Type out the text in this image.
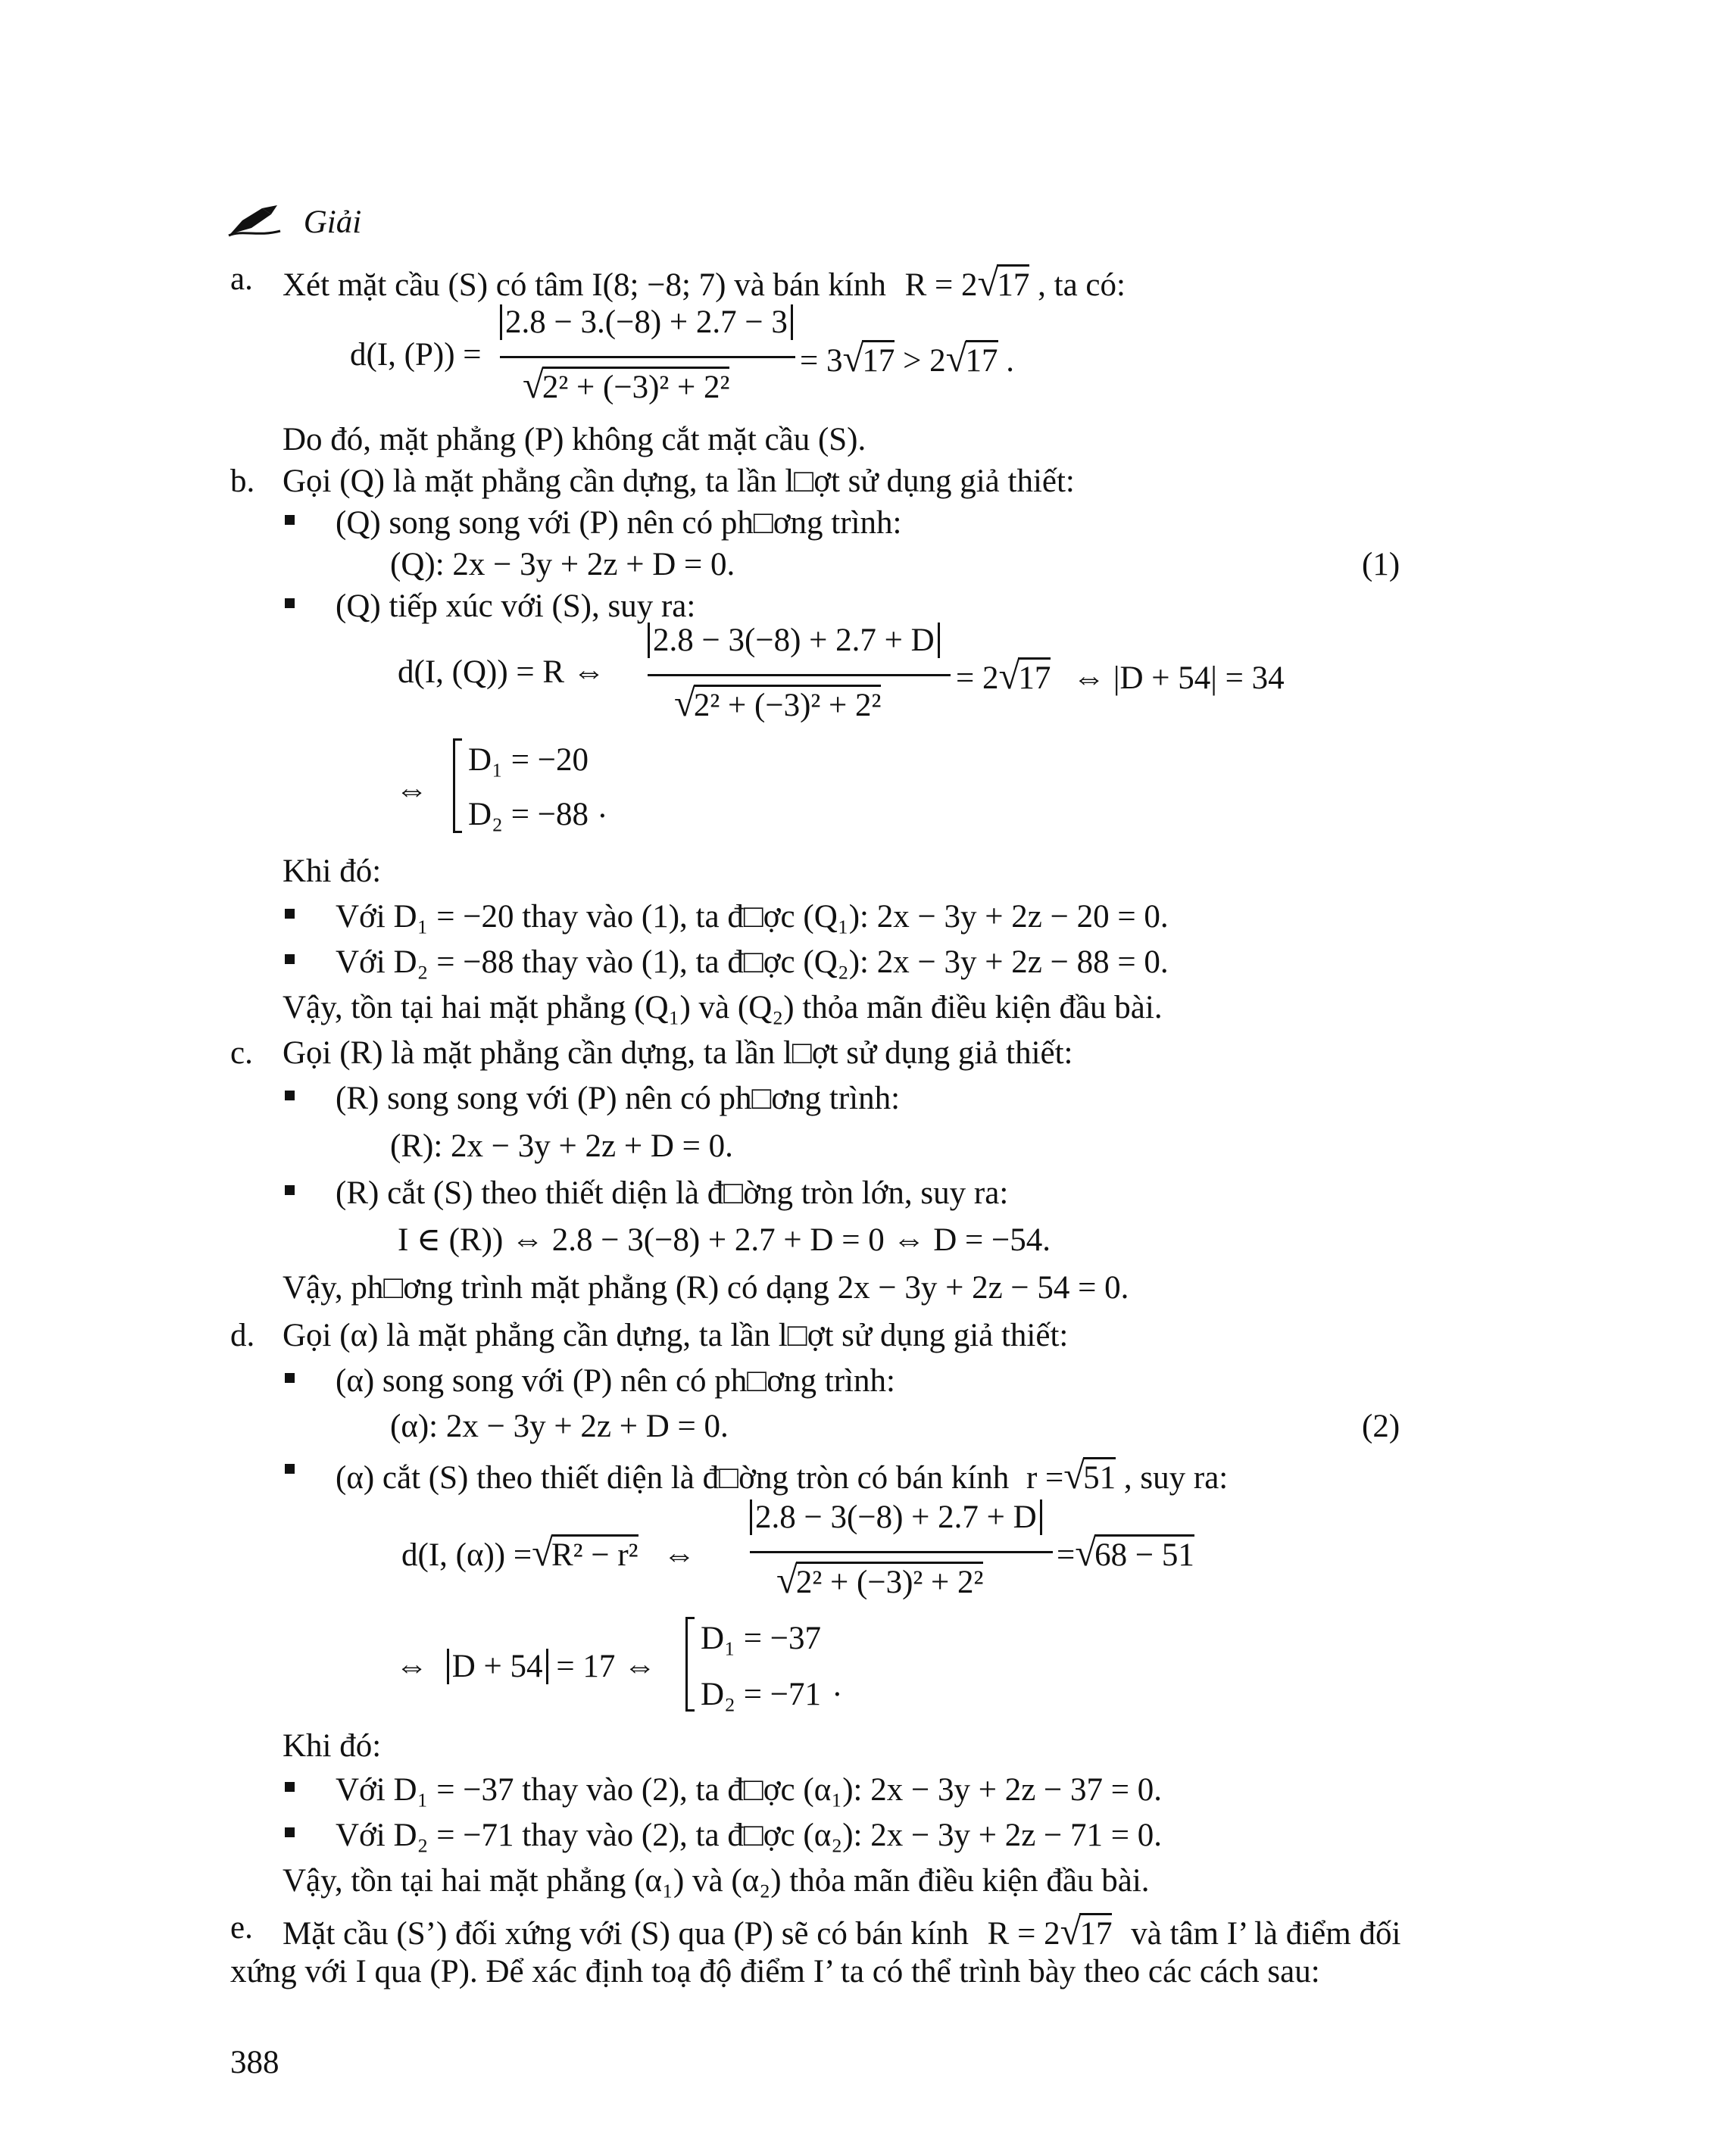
Giải
a. Xét mặt cầu (S) có tâm I(8; −8; 7) và bán kính R = 2√17 , ta có:
d(I, (P)) =
2.8 − 3.(−8) + 2.7 − 3
√2² + (−3)² + 2²
= 3√17 > 2√17 .
Do đó, mặt phẳng (P) không cắt mặt cầu (S).
b. Gọi (Q) là mặt phẳng cần dựng, ta lần l□ợt sử dụng giả thiết:
(Q) song song với (P) nên có ph□ơng trình:
(Q): 2x − 3y + 2z + D = 0.	(1)
(Q) tiếp xúc với (S), suy ra:
d(I, (Q)) = R ⇔
2.8 − 3(−8) + 2.7 + D
√2² + (−3)² + 2²
= 2√17 ⇔ |D + 54| = 34
⇔
D₁ = −20
D₂ = −88 .
Khi đó:
Với D₁ = −20 thay vào (1), ta đ□ợc (Q₁): 2x − 3y + 2z − 20 = 0.
Với D₂ = −88 thay vào (1), ta đ□ợc (Q₂): 2x − 3y + 2z − 88 = 0.
Vậy, tồn tại hai mặt phẳng (Q₁) và (Q₂) thỏa mãn điều kiện đầu bài.
c. Gọi (R) là mặt phẳng cần dựng, ta lần l□ợt sử dụng giả thiết:
(R) song song với (P) nên có ph□ơng trình:
(R): 2x − 3y + 2z + D = 0.
(R) cắt (S) theo thiết diện là đ□ờng tròn lớn, suy ra:
I ∈ (R)) ⇔ 2.8 − 3(−8) + 2.7 + D = 0 ⇔ D = −54.
Vậy, ph□ơng trình mặt phẳng (R) có dạng 2x − 3y + 2z − 54 = 0.
d. Gọi (α) là mặt phẳng cần dựng, ta lần l□ợt sử dụng giả thiết:
(α) song song với (P) nên có ph□ơng trình:
(α): 2x − 3y + 2z + D = 0.	(2)
(α) cắt (S) theo thiết diện là đ□ờng tròn có bán kính r =√51 , suy ra:
d(I, (α)) =√R² − r² ⇔
2.8 − 3(−8) + 2.7 + D
√2² + (−3)² + 2²
=√68 − 51
⇔ D + 54 = 17 ⇔
D₁ = −37
D₂ = −71 .
Khi đó:
Với D₁ = −37 thay vào (2), ta đ□ợc (α₁): 2x − 3y + 2z − 37 = 0.
Với D₂ = −71 thay vào (2), ta đ□ợc (α₂): 2x − 3y + 2z − 71 = 0.
Vậy, tồn tại hai mặt phẳng (α₁) và (α₂) thỏa mãn điều kiện đầu bài.
e. Mặt cầu (S’) đối xứng với (S) qua (P) sẽ có bán kính R = 2√17 và tâm I’ là điểm đối
xứng với I qua (P). Để xác định toạ độ điểm I’ ta có thể trình bày theo các cách sau:
388
